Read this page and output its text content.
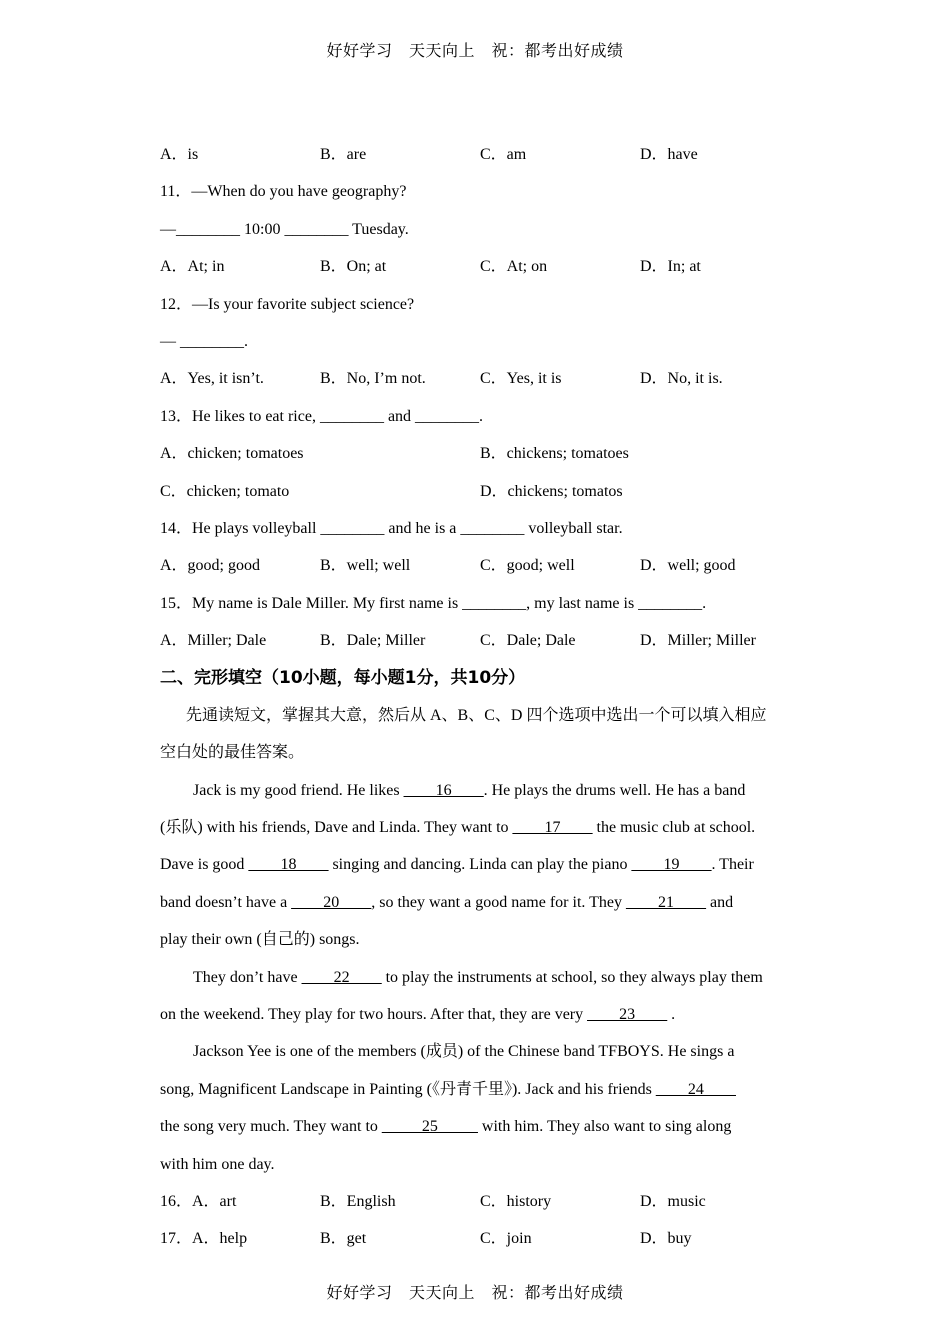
好好学习　天天向上　祝：都考出好成绩
A．is	B．are	C．am	D．have
11．—When do you have geography?
—________ 10:00 ________ Tuesday.
A．At; in	B．On; at	C．At; on	D．In; at
12．—Is your favorite subject science?
— ________.
A．Yes, it isn’t.	B．No, I’m not.	C．Yes, it is	D．No, it is.
13．He likes to eat rice, ________ and ________.
A．chicken; tomatoes	B．chickens; tomatoes
C．chicken; tomato	D．chickens; tomatos
14．He plays volleyball ________ and he is a ________ volleyball star.
A．good; good	B．well; well	C．good; well	D．well; good
15．My name is Dale Miller. My first name is ________, my last name is ________.
A．Miller; Dale	B．Dale; Miller	C．Dale; Dale	D．Miller; Miller
二、完形填空（10小题，每小题1分，共10分）
先通读短文，掌握其大意，然后从 A、B、C、D 四个选项中选出一个可以填入相应
空白处的最佳答案。
Jack is my good friend. He likes ____16____. He plays the drums well. He has a band
(乐队) with his friends, Dave and Linda. They want to ____17____ the music club at school.
Dave is good ____18____ singing and dancing. Linda can play the piano ____19____. Their
band doesn’t have a ____20____, so they want a good name for it. They ____21____ and
play their own (自己的) songs.
They don’t have ____22____ to play the instruments at school, so they always play them
on the weekend. They play for two hours. After that, they are very ____23____ .
Jackson Yee is one of the members (成员) of the Chinese band TFBOYS. He sings a
song, Magnificent Landscape in Painting (《丹青千里》). Jack and his friends ____24____
the song very much. They want to _____25_____ with him. They also want to sing along
with him one day.
16．A．art	B．English	C．history	D．music
17．A．help	B．get	C．join	D．buy
好好学习　天天向上　祝：都考出好成绩
